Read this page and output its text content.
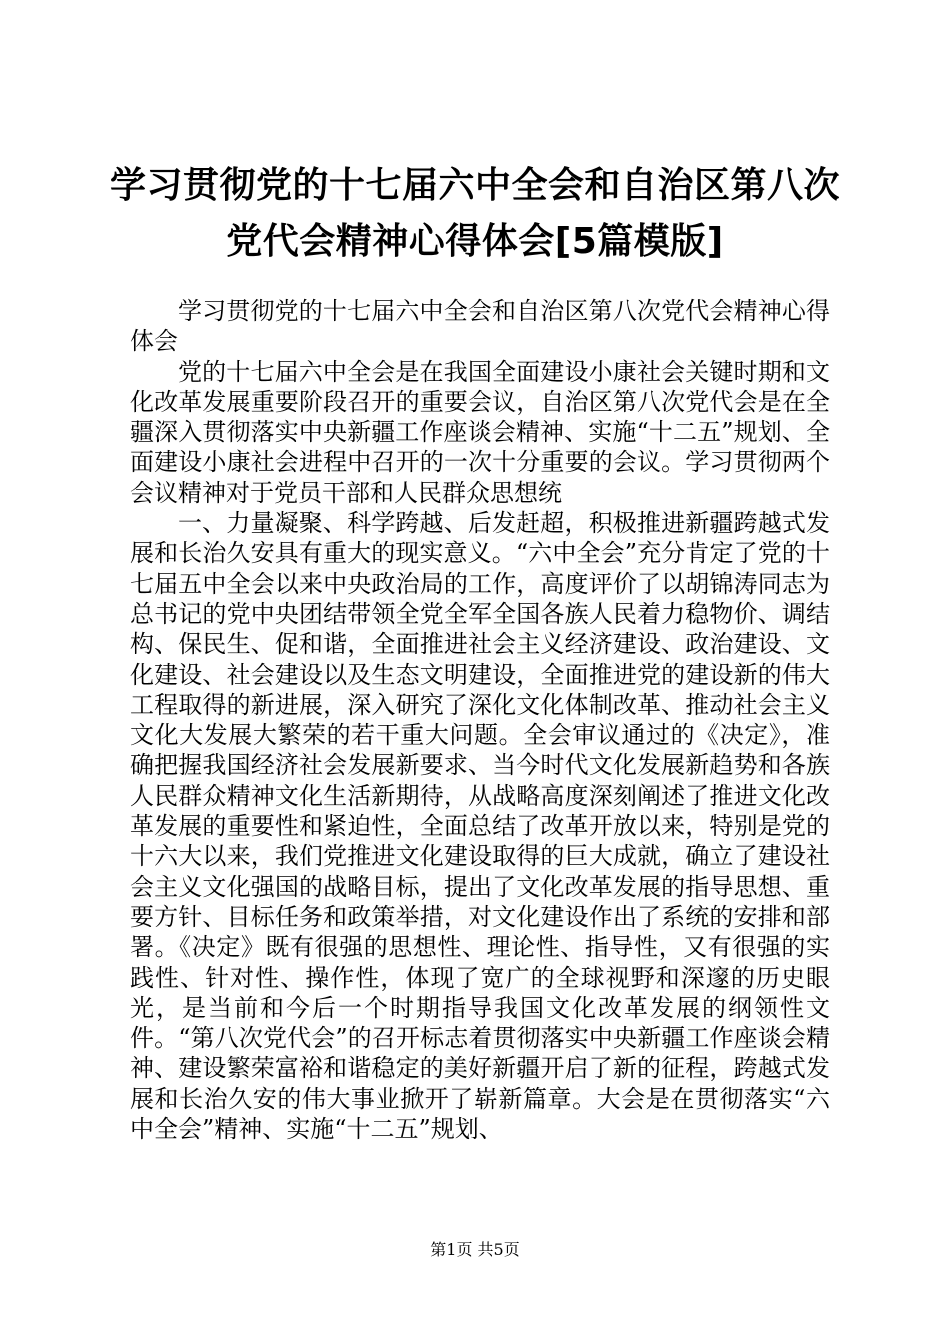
学习贯彻党的十七届六中全会和自治区第八次
党代会精神心得体会[5篇模版]

学习贯彻党的十七届六中全会和自治区第八次党代会精神心得体会

党的十七届六中全会是在我国全面建设小康社会关键时期和文化改革发展重要阶段召开的重要会议，自治区第八次党代会是在全疆深入贯彻落实中央新疆工作座谈会精神、实施“十二五”规划、全面建设小康社会进程中召开的一次十分重要的会议。学习贯彻两个会议精神对于党员干部和人民群众思想统

一、力量凝聚、科学跨越、后发赶超，积极推进新疆跨越式发展和长治久安具有重大的现实意义。“六中全会”充分肯定了党的十七届五中全会以来中央政治局的工作，高度评价了以胡锦涛同志为总书记的党中央团结带领全党全军全国各族人民着力稳物价、调结构、保民生、促和谐，全面推进社会主义经济建设、政治建设、文化建设、社会建设以及生态文明建设，全面推进党的建设新的伟大工程取得的新进展，深入研究了深化文化体制改革、推动社会主义文化大发展大繁荣的若干重大问题。全会审议通过的《决定》，准确把握我国经济社会发展新要求、当今时代文化发展新趋势和各族人民群众精神文化生活新期待，从战略高度深刻阐述了推进文化改革发展的重要性和紧迫性，全面总结了改革开放以来，特别是党的十六大以来，我们党推进文化建设取得的巨大成就，确立了建设社会主义文化强国的战略目标，提出了文化改革发展的指导思想、重要方针、目标任务和政策举措，对文化建设作出了系统的安排和部署。《决定》既有很强的思想性、理论性、指导性，又有很强的实践性、针对性、操作性，体现了宽广的全球视野和深邃的历史眼光，是当前和今后一个时期指导我国文化改革发展的纲领性文件。“第八次党代会”的召开标志着贯彻落实中央新疆工作座谈会精神、建设繁荣富裕和谐稳定的美好新疆开启了新的征程，跨越式发展和长治久安的伟大事业掀开了崭新篇章。大会是在贯彻落实“六中全会”精神、实施“十二五”规划、

第1页 共5页
